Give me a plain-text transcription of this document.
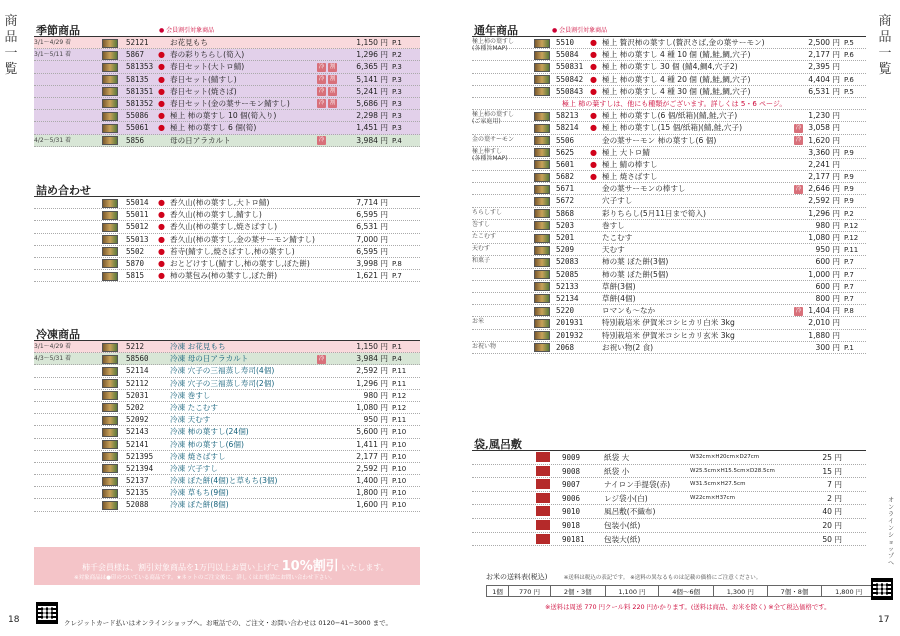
商品一覧
季節商品	● 会員割引対象商品
3/1〜4/29 着	52121	お花見もち	1,150 円 P.1
3/1〜5/11 着	5867 ● 春の彩りちらし(筍入)	1,296 円 P.2
581353 ● 春日セット(大トロ鯖)	冷 割	6,365 円 P.3
58135 ● 春日セット(鯖すし)	冷 割	5,141 円 P.3
581351 ● 春日セット(焼さば)	冷 割	5,241 円 P.3
581352 ● 春日セット(金の葉サーモン鯖すし)	冷 割	5,686 円 P.3
55086 ● 極上 柿の葉すし 10 個(筍入り)	2,298 円 P.3
55061 ● 極上 柿の葉すし 6 個(筍)	1,451 円 P.3
4/2〜5/31 着	5856	母の日アラカルト	冷	3,984 円 P.4
詰め合わせ
55014 ● 香久山(柿の葉すし,大トロ鯖)	7,714 円
55011 ● 香久山(柿の葉すし,鯖すし)	6,595 円
55012 ● 香久山(柿の葉すし,焼さばすし)	6,531 円
55013 ● 香久山(柿の葉すし,金の葉サーモン鯖すし)	7,000 円
5502 ● 苔寺(鯖すし,焼さばすし,柿の葉すし)	6,595 円
5870 ● おとどけすし(鯖すし,柿の葉すし,ぼた餅)	3,998 円 P.8
5815 ● 柿の葉包み(柿の葉すし,ぼた餅)	1,621 円 P.7
冷凍商品
3/1〜4/29 着	5212	冷凍 お花見もち	1,150 円 P.1
4/3〜5/31 着	58560	冷凍 母の日アラカルト	冷	3,984 円 P.4
52114	冷凍 穴子の三福蒸し寿司(4個)	2,592 円 P.11
52112	冷凍 穴子の三福蒸し寿司(2個)	1,296 円 P.11
52031	冷凍 巻すし	980 円 P.12
5202	冷凍 たこむす	1,080 円 P.12
52092	冷凍 天むす	950 円 P.11
52143	冷凍 柿の葉すし(24個)	5,600 円 P.10
52141	冷凍 柿の葉すし(6個)	1,411 円 P.10
521395 冷凍 焼さばすし	2,177 円 P.10
521394 冷凍 穴子すし	2,592 円 P.10
52137	冷凍 ぼた餅(4個)と草もち(3個)	1,400 円 P.10
52135	冷凍 草もち(9個)	1,800 円 P.10
52088	冷凍 ぼた餅(8個)	1,600 円 P.10
柿千会員様は、割引対象商品を1万円以上お買い上げで 10%割引 いたします。
※対象商品は●印のついている商品です。★ネットのご注文後に、詳しくはお電話にお問い合わせ下さい。
クレジットカード払いはオンラインショップへ。お電話での、ご注文・お問い合わせは 0120−41−3000 まで。
18
商品一覧
通年商品	● 会員割引対象商品
極上柿の葉すし
(各種旨MAP)
5510 ● 極上 贅沢柿の葉すし(贅沢さば,金の葉サーモン)	2,500 円 P.5
55084 ● 極上 柿の葉すし 4 種 10 個 (鯖,鮭,鯛,穴子)	2,177 円 P.6
550831 ● 極上 柿の葉すし 30 個 (鯖4,鯛4,穴子2)	2,395 円
550842 ● 極上 柿の葉すし 4 種 20 個 (鯖,鮭,鯛,穴子)	4,404 円 P.6
550843 ● 極上 柿の葉すし 4 種 30 個 (鯖,鮭,鯛,穴子)	6,531 円 P.5
極上 柿の葉すしは、他にも種類がございます。詳しくは 5・6 ページ。
極上柿の葉すし
(ご家庭用)
58213 ● 極上 柿の葉すし(6 個/紙箱)(鯖,鮭,穴子)	1,230 円
58214 ● 極上 柿の葉すし(15 個/紙箱)(鯖,鮭,穴子)	冷 3,058 円
金の葉サーモン	5506	金の葉サーモン 柿の葉すし(6 個)	冷 1,620 円
極上棒すし
(各種旨MAP)
5625 ● 極上 大トロ鯖	3,360 円 P.9
5601 ● 極上 鯖の棒すし	2,241 円
5682 ● 極上 焼さばすし	2,177 円 P.9
5671	金の葉サーモンの棒すし	冷 2,646 円 P.9
5672	穴子すし	2,592 円 P.9
ちらしすし	5868	彩りちらし(5月11日まで筍入)	1,296 円 P.2
巻すし	5203	巻すし	980 円 P.12
たこむす	5201	たこむす	1,080 円 P.12
天むす	5209	天むす	950 円 P.11
和菓子	52083	柿の葉 ぼた餅(3個)	600 円 P.7
52085	柿の葉 ぼた餅(5個)	1,000 円 P.7
52133	草餅(3個)	600 円 P.7
52134	草餅(4個)	800 円 P.7
5220	ロマンも〜なか	冷 1,404 円 P.8
お米	201931 特別栽培米 伊賀米コシヒカリ白米 3kg	2,010 円
201932 特別栽培米 伊賀米コシヒカリ玄米 3kg	1,880 円
お祝い物	2068	お祝い物(2 食)	300 円 P.1
袋,風呂敷
9009	紙袋 大	W32cm×H20cm×D27cm	25 円
9008	紙袋 小	W25.5cm×H15.5cm×D28.5cm	15 円
9007	ナイロン手提袋(赤)	W31.5cm×H27.5cm	7 円
9006	レジ袋小(白)	W22cm×H37cm	2 円
9010	風呂敷(不織布)	40 円
9018	包装小(紙)	20 円
90181	包装大(紙)	50 円
お米の送料表(税込)	※送料は税込の表記です。 ※送料の異なるものは記載の価格にご注意ください。
1個	770 円	2個・3個	1,100 円	4個〜6個	1,300 円	7個・8個	1,800 円
※送料は周送 770 円クール料 220 円かかります。(送料は商品、お米を除く) ※全て税込価格です。
オンラインショップへ
17
